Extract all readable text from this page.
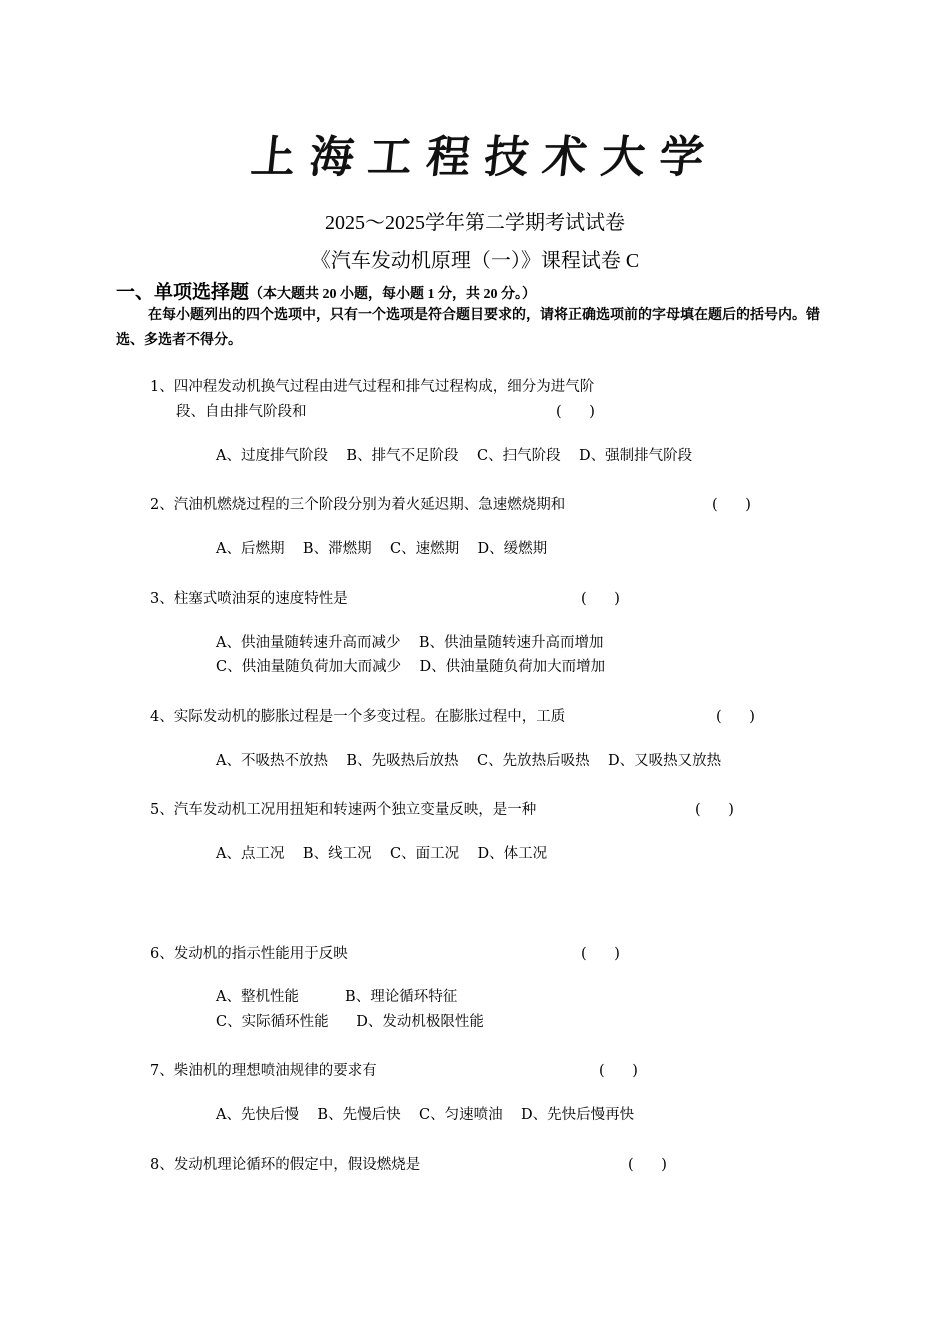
上 海 工 程 技 术 大 学
2025～2025学年第二学期考试试卷
《汽车发动机原理（一）》课程试卷 C
一、单项选择题（本大题共 20 小题，每小题 1 分，共 20 分。）
在每小题列出的四个选项中，只有一个选项是符合题目要求的，请将正确选项前的字母填在题后的括号内。错选、多选者不得分。
1、四冲程发动机换气过程由进气过程和排气过程构成，细分为进气阶
段、自由排气阶段和	(      )
A、过度排气阶段    B、排气不足阶段    C、扫气阶段    D、强制排气阶段
2、汽油机燃烧过程的三个阶段分别为着火延迟期、急速燃烧期和	(      )
A、后燃期    B、滞燃期    C、速燃期    D、缓燃期
3、柱塞式喷油泵的速度特性是	(      )
A、供油量随转速升高而减少    B、供油量随转速升高而增加
C、供油量随负荷加大而减少    D、供油量随负荷加大而增加
4、实际发动机的膨胀过程是一个多变过程。在膨胀过程中，工质	(      )
A、不吸热不放热    B、先吸热后放热    C、先放热后吸热    D、又吸热又放热
5、汽车发动机工况用扭矩和转速两个独立变量反映，是一种	(      )
A、点工况    B、线工况    C、面工况    D、体工况
6、发动机的指示性能用于反映	(      )
A、整机性能          B、理论循环特征
C、实际循环性能      D、发动机极限性能
7、柴油机的理想喷油规律的要求有	(      )
A、先快后慢    B、先慢后快    C、匀速喷油    D、先快后慢再快
8、发动机理论循环的假定中，假设燃烧是	(      )
